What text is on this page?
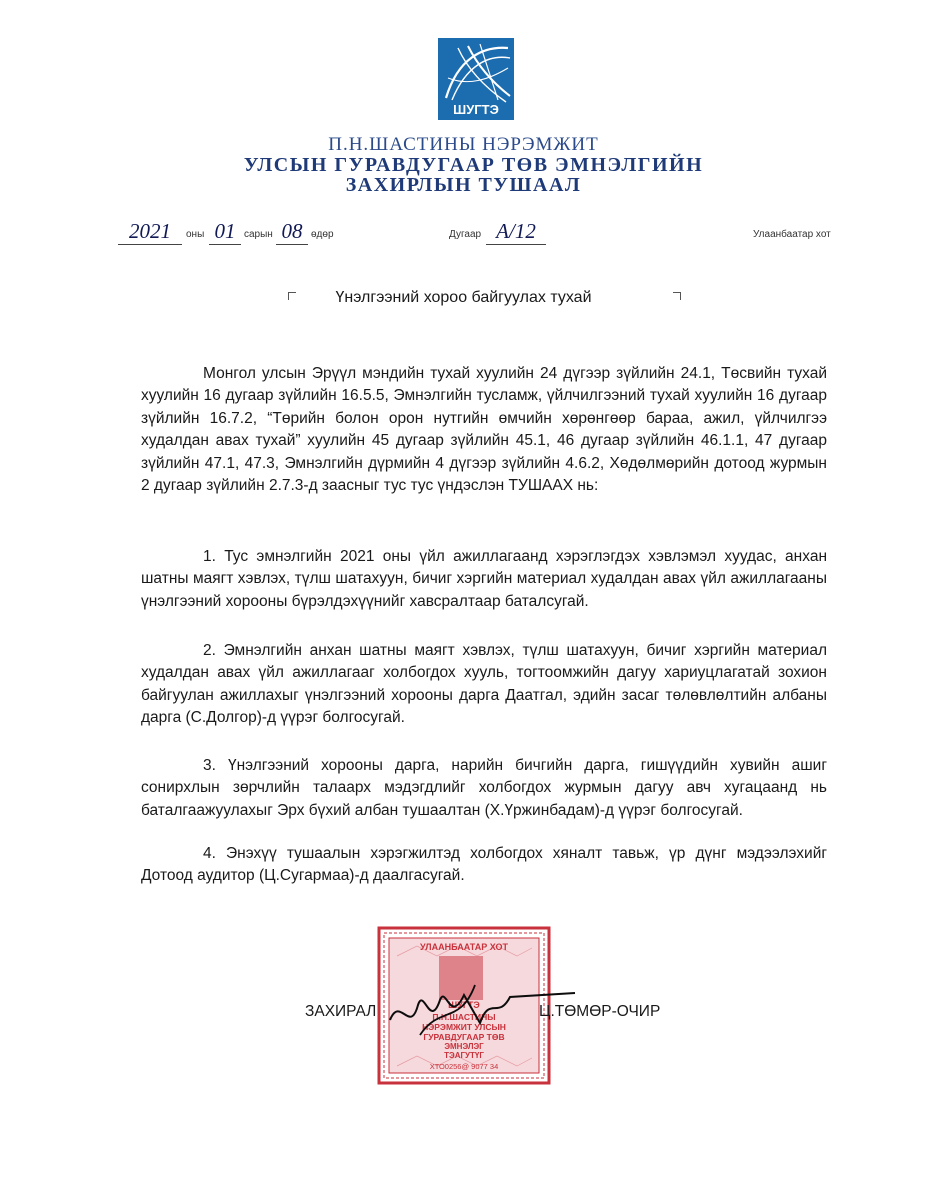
ШУГТЭ
П.Н.ШАСТИНЫ НЭРЭМЖИТ
УЛСЫН ГУРАВДУГААР ТӨВ ЭМНЭЛГИЙН
ЗАХИРЛЫН ТУШААЛ
2021	оны 01 сарын 08 өдөр	Дугаар А/12	Улаанбаатар хот
Үнэлгээний хороо байгуулах тухай
Монгол улсын Эрүүл мэндийн тухай хуулийн 24 дүгээр зүйлийн 24.1, Төсвийн тухай хуулийн 16 дугаар зүйлийн 16.5.5, Эмнэлгийн тусламж, үйлчилгээний тухай хуулийн 16 дугаар зүйлийн 16.7.2, “Төрийн болон орон нутгийн өмчийн хөрөнгөөр бараа, ажил, үйлчилгээ худалдан авах тухай” хуулийн 45 дугаар зүйлийн 45.1, 46 дугаар зүйлийн 46.1.1, 47 дугаар зүйлийн 47.1, 47.3, Эмнэлгийн дүрмийн 4 дүгээр зүйлийн 4.6.2, Хөдөлмөрийн дотоод журмын 2 дугаар зүйлийн 2.7.3-д заасныг тус тус үндэслэн ТУШААХ нь:
1. Тус эмнэлгийн 2021 оны үйл ажиллагаанд хэрэглэгдэх хэвлэмэл хуудас, анхан шатны маягт хэвлэх, түлш шатахуун, бичиг хэргийн материал худалдан авах үйл ажиллагааны үнэлгээний хорооны бүрэлдэхүүнийг хавсралтаар баталсугай.
2. Эмнэлгийн анхан шатны маягт хэвлэх, түлш шатахуун, бичиг хэргийн материал худалдан авах үйл ажиллагааг холбогдох хууль, тогтоомжийн дагуу хариуцлагатай зохион байгуулан ажиллахыг үнэлгээний хорооны дарга Даатгал, эдийн засаг төлөвлөлтийн албаны дарга (С.Долгор)-д үүрэг болгосугай.
3. Үнэлгээний хорооны дарга, нарийн бичгийн дарга, гишүүдийн хувийн ашиг сонирхлын зөрчлийн талаарх мэдэгдлийг холбогдох журмын дагуу авч хугацаанд нь баталгаажуулахыг Эрх бүхий албан тушаалтан (Х.Үржинбадам)-д үүрэг болгосугай.
4. Энэхүү тушаалын хэрэгжилтэд холбогдох хяналт тавьж, үр дүнг мэдээлэхийг Дотоод аудитор (Ц.Сугармаа)-д даалгасугай.
УЛААНБААТАР ХОТ
ШУГТЭ
П.Н.ШАСТИНЫ
НЭРЭМЖИТ УЛСЫН
ГУРАВДУГААР ТӨВ
ЭМНЭЛЭГ
ТЭАГУТҮГ
ХТО0256@ 9077 34
ЗАХИРАЛ	Ц.ТӨМӨР-ОЧИР
